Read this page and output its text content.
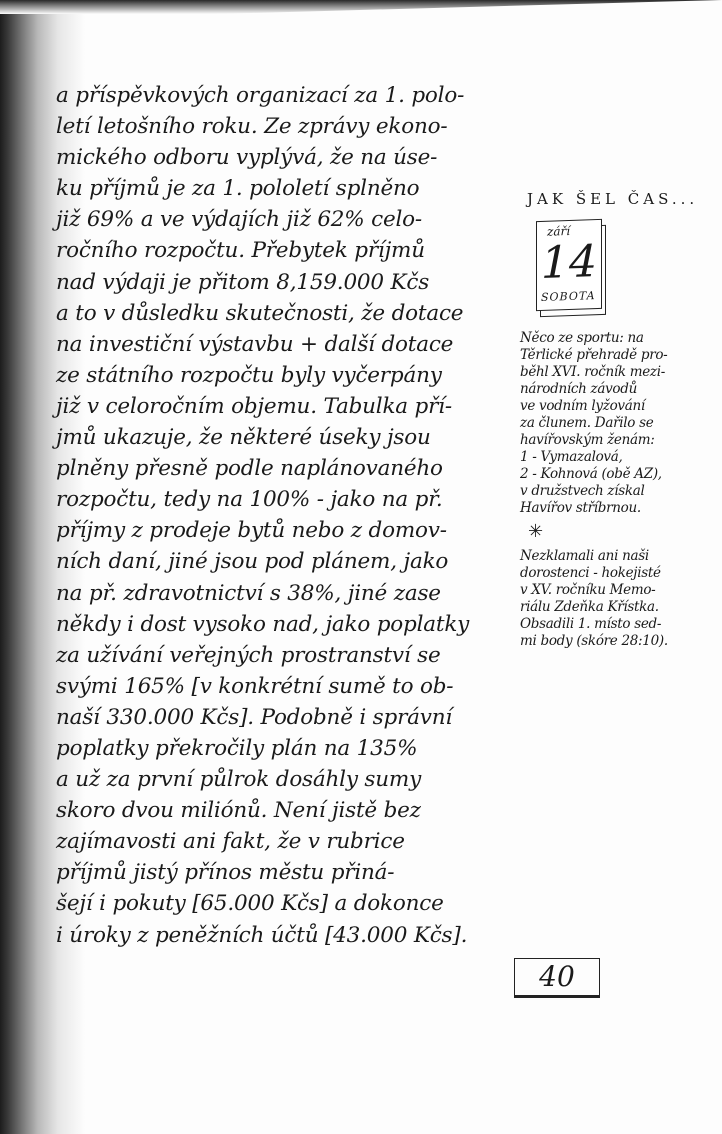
a příspěvkových organizací za 1. polo-
letí letošního roku. Ze zprávy ekono-
mického odboru vyplývá, že na úse-
ku příjmů je za 1. pololetí splněno
již 69% a ve výdajích již 62% celo-
ročního rozpočtu. Přebytek příjmů
nad výdaji je přitom 8,159.000 Kčs
a to v důsledku skutečnosti, že dotace
na investiční výstavbu + další dotace
ze státního rozpočtu byly vyčerpány
již v celoročním objemu. Tabulka pří-
jmů ukazuje, že některé úseky jsou
plněny přesně podle naplánovaného
rozpočtu, tedy na 100% - jako na př.
příjmy z prodeje bytů nebo z domov-
ních daní, jiné jsou pod plánem, jako
na př. zdravotnictví s 38%, jiné zase
někdy i dost vysoko nad, jako poplatky
za užívání veřejných prostranství se
svými 165% [v konkrétní sumě to ob-
naší 330.000 Kčs]. Podobně i správní
poplatky překročily plán na 135%
a už za první půlrok dosáhly sumy
skoro dvou miliónů. Není jistě bez
zajímavosti ani fakt, že v rubrice
příjmů jistý přínos městu přiná-
šejí i pokuty [65.000 Kčs] a dokonce
i úroky z peněžních účtů [43.000 Kčs].
JAK ŠEL ČAS...
září
14
SOBOTA
Něco ze sportu: na
Těrlické přehradě pro-
běhl XVI. ročník mezi-
národních závodů
ve vodním lyžování
za člunem. Dařilo se
havířovským ženám:
1 - Vymazalová,
2 - Kohnová (obě AZ),
v družstvech získal
Havířov stříbrnou.
✳
Nezklamali ani naši
dorostenci - hokejisté
v XV. ročníku Memo-
riálu Zdeňka Křístka.
Obsadili 1. místo sed-
mi body (skóre 28:10).
40
